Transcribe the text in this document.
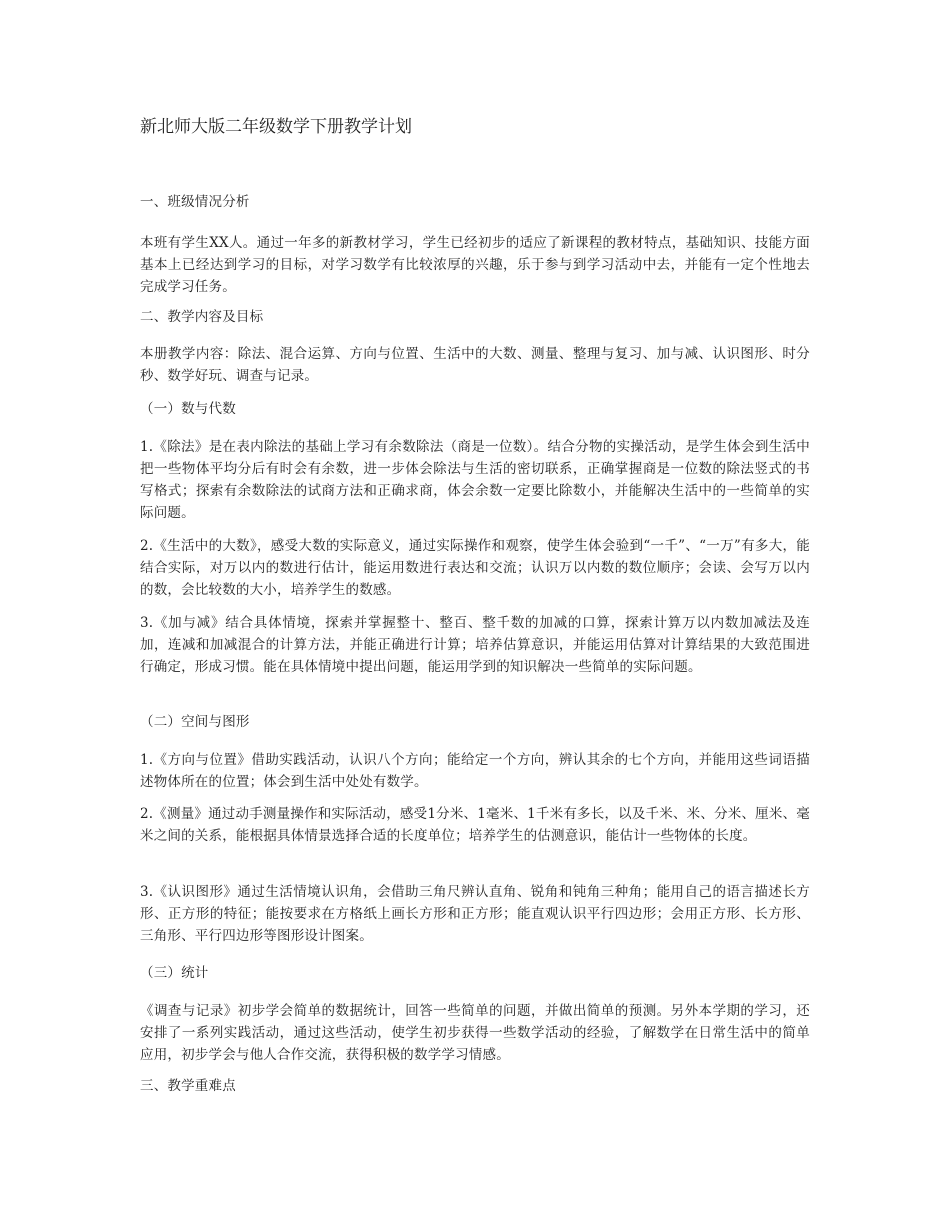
新北师大版二年级数学下册教学计划

一、班级情况分析

本班有学生XX人。通过一年多的新教材学习，学生已经初步的适应了新课程的教材特点，基础知识、技能方面基本上已经达到学习的目标，对学习数学有比较浓厚的兴趣，乐于参与到学习活动中去，并能有一定个性地去完成学习任务。

二、教学内容及目标

本册教学内容：除法、混合运算、方向与位置、生活中的大数、测量、整理与复习、加与减、认识图形、时分秒、数学好玩、调查与记录。

（一）数与代数

1.《除法》是在表内除法的基础上学习有余数除法（商是一位数）。结合分物的实操活动，是学生体会到生活中把一些物体平均分后有时会有余数，进一步体会除法与生活的密切联系，正确掌握商是一位数的除法竖式的书写格式；探索有余数除法的试商方法和正确求商，体会余数一定要比除数小，并能解决生活中的一些简单的实际问题。

2.《生活中的大数》，感受大数的实际意义，通过实际操作和观察，使学生体会验到“一千”、“一万”有多大，能结合实际，对万以内的数进行估计，能运用数进行表达和交流；认识万以内数的数位顺序；会读、会写万以内的数，会比较数的大小，培养学生的数感。

3.《加与减》结合具体情境，探索并掌握整十、整百、整千数的加减的口算，探索计算万以内数加减法及连加，连减和加减混合的计算方法，并能正确进行计算；培养估算意识，并能运用估算对计算结果的大致范围进行确定，形成习惯。能在具体情境中提出问题，能运用学到的知识解决一些简单的实际问题。

（二）空间与图形

1.《方向与位置》借助实践活动，认识八个方向；能给定一个方向，辨认其余的七个方向，并能用这些词语描述物体所在的位置；体会到生活中处处有数学。

2.《测量》通过动手测量操作和实际活动，感受1分米、1毫米、1千米有多长，以及千米、米、分米、厘米、毫米之间的关系，能根据具体情景选择合适的长度单位；培养学生的估测意识，能估计一些物体的长度。

3.《认识图形》通过生活情境认识角，会借助三角尺辨认直角、锐角和钝角三种角；能用自己的语言描述长方形、正方形的特征；能按要求在方格纸上画长方形和正方形；能直观认识平行四边形；会用正方形、长方形、三角形、平行四边形等图形设计图案。

（三）统计

《调查与记录》初步学会简单的数据统计，回答一些简单的问题，并做出简单的预测。另外本学期的学习，还安排了一系列实践活动，通过这些活动，使学生初步获得一些数学活动的经验，了解数学在日常生活中的简单应用，初步学会与他人合作交流，获得积极的数学学习情感。

三、教学重难点
